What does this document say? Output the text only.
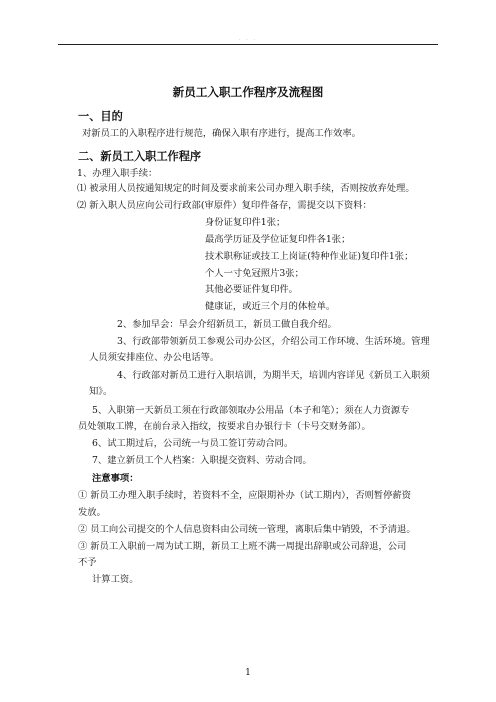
. . .
新员工入职工作程序及流程图
一、目的
对新员工的入职程序进行规范，确保入职有序进行，提高工作效率。
二、新员工入职工作程序
1、办理入职手续：
⑴ 被录用人员按通知规定的时间及要求前来公司办理入职手续，否则按放弃处理。
⑵ 新入职人员应向公司行政部(审原件）复印件备存，需提交以下资料：
身份证复印件1张；
最高学历证及学位证复印件各1张；
技术职称证或技工上岗证(特种作业证)复印件1张；
个人一寸免冠照片3张；
其他必要证件复印件。
健康证，或近三个月的体检单。
2、参加早会：早会介绍新员工，新员工做自我介绍。
3、行政部带领新员工参观公司办公区，介绍公司工作环境、生活环境。管理
人员须安排座位、办公电话等。
4、行政部对新员工进行入职培训，为期半天，培训内容详见《新员工入职须
知》。
5、入职第一天新员工须在行政部领取办公用品（本子和笔）；须在人力资源专
员处领取工牌，在前台录入指纹，按要求自办银行卡（卡号交财务部）。
6、试工期过后，公司统一与员工签订劳动合同。
7、建立新员工个人档案：入职提交资料、劳动合同。
注意事项：
① 新员工办理入职手续时，若资料不全，应限期补办（试工期内），否则暂停薪资
发放。
② 员工向公司提交的个人信息资料由公司统一管理，离职后集中销毁，不予清退。
③ 新员工入职前一周为试工期，新员工上班不满一周提出辞职或公司辞退，公司
不予
计算工资。
1
